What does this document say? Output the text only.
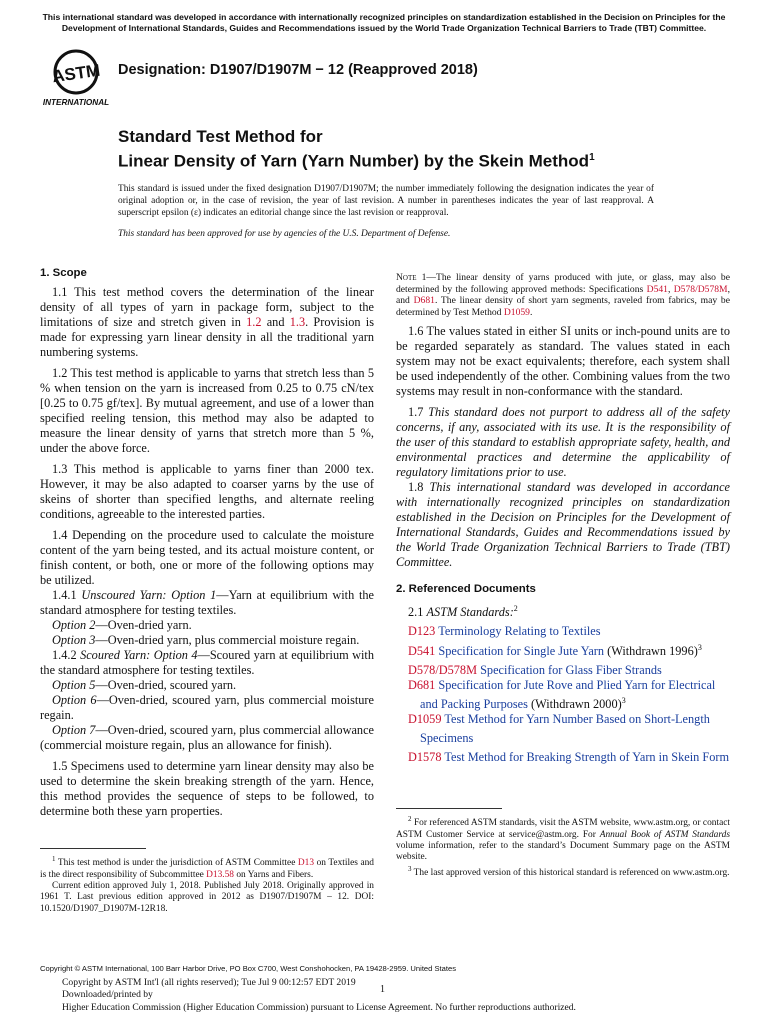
This international standard was developed in accordance with internationally recognized principles on standardization established in the Decision on Principles for the Development of International Standards, Guides and Recommendations issued by the World Trade Organization Technical Barriers to Trade (TBT) Committee.
ASTM
INTERNATIONAL
Designation: D1907/D1907M − 12 (Reapproved 2018)
Standard Test Method for
Linear Density of Yarn (Yarn Number) by the Skein Method$^1$
This standard is issued under the fixed designation D1907/D1907M; the number immediately following the designation indicates the year of original adoption or, in the case of revision, the year of last revision. A number in parentheses indicates the year of last reapproval. A superscript epsilon (ε) indicates an editorial change since the last revision or reapproval.
This standard has been approved for use by agencies of the U.S. Department of Defense.
1. Scope

1.1 This test method covers the determination of the linear density of all types of yarn in package form, subject to the limitations of size and stretch given in 1.2 and 1.3. Provision is made for expressing yarn linear density in all the traditional yarn numbering systems.

1.2 This test method is applicable to yarns that stretch less than 5 % when tension on the yarn is increased from 0.25 to 0.75 cN/tex [0.25 to 0.75 gf/tex]. By mutual agreement, and use of a lower than specified reeling tension, this method may also be adapted to measure the linear density of yarns that stretch more than 5 %, under the above force.

1.3 This method is applicable to yarns finer than 2000 tex. However, it may be also adapted to coarser yarns by the use of skeins of shorter than specified lengths, and alternate reeling conditions, agreeable to the interested parties.

1.4 Depending on the procedure used to calculate the moisture content of the yarn being tested, and its actual moisture content, or finish content, or both, one or more of the following options may be utilized.

1.4.1 Unscoured Yarn: Option 1—Yarn at equilibrium with the standard atmosphere for testing textiles.

Option 2—Oven-dried yarn.

Option 3—Oven-dried yarn, plus commercial moisture regain.

1.4.2 Scoured Yarn: Option 4—Scoured yarn at equilibrium with the standard atmosphere for testing textiles.

Option 5—Oven-dried, scoured yarn.

Option 6—Oven-dried, scoured yarn, plus commercial moisture regain.

Option 7—Oven-dried, scoured yarn, plus commercial allowance (commercial moisture regain, plus an allowance for finish).

1.5 Specimens used to determine yarn linear density may also be used to determine the skein breaking strength of the yarn. Hence, this method provides the sequence of steps to be followed, to determine both these yarn properties.

Note 1—The linear density of yarns produced with jute, or glass, may also be determined by the following approved methods: Specifications D541, D578/D578M, and D681. The linear density of short yarn segments, raveled from fabrics, may be determined by Test Method D1059.

1.6 The values stated in either SI units or inch-pound units are to be regarded separately as standard. The values stated in each system may not be exact equivalents; therefore, each system shall be used independently of the other. Combining values from the two systems may result in non-conformance with the standard.

1.7 This standard does not purport to address all of the safety concerns, if any, associated with its use. It is the responsibility of the user of this standard to establish appropriate safety, health, and environmental practices and determine the applicability of regulatory limitations prior to use.

1.8 This international standard was developed in accordance with internationally recognized principles on standardization established in the Decision on Principles for the Development of International Standards, Guides and Recommendations issued by the World Trade Organization Technical Barriers to Trade (TBT) Committee.

2. Referenced Documents

2.1 ASTM Standards:$^2$

D123 Terminology Relating to Textiles

D541 Specification for Single Jute Yarn (Withdrawn 1996)$^3$

D578/D578M Specification for Glass Fiber Strands

D681 Specification for Jute Rove and Plied Yarn for Electrical and Packing Purposes (Withdrawn 2000)$^3$

D1059 Test Method for Yarn Number Based on Short-Length Specimens

D1578 Test Method for Breaking Strength of Yarn in Skein Form

$^1$ This test method is under the jurisdiction of ASTM Committee D13 on Textiles and is the direct responsibility of Subcommittee D13.58 on Yarns and Fibers.

Current edition approved July 1, 2018. Published July 2018. Originally approved in 1961 T. Last previous edition approved in 2012 as D1907/D1907M – 12. DOI: 10.1520/D1907_D1907M-12R18.

$^2$ For referenced ASTM standards, visit the ASTM website, www.astm.org, or contact ASTM Customer Service at service@astm.org. For Annual Book of ASTM Standards volume information, refer to the standard’s Document Summary page on the ASTM website.

$^3$ The last approved version of this historical standard is referenced on www.astm.org.

Copyright © ASTM International, 100 Barr Harbor Drive, PO Box C700, West Conshohocken, PA 19428-2959. United States
Copyright by ASTM Int'l (all rights reserved); Tue Jul 9 00:12:57 EDT 2019
Downloaded/printed by
Higher Education Commission (Higher Education Commission) pursuant to License Agreement. No further reproductions authorized.
1
